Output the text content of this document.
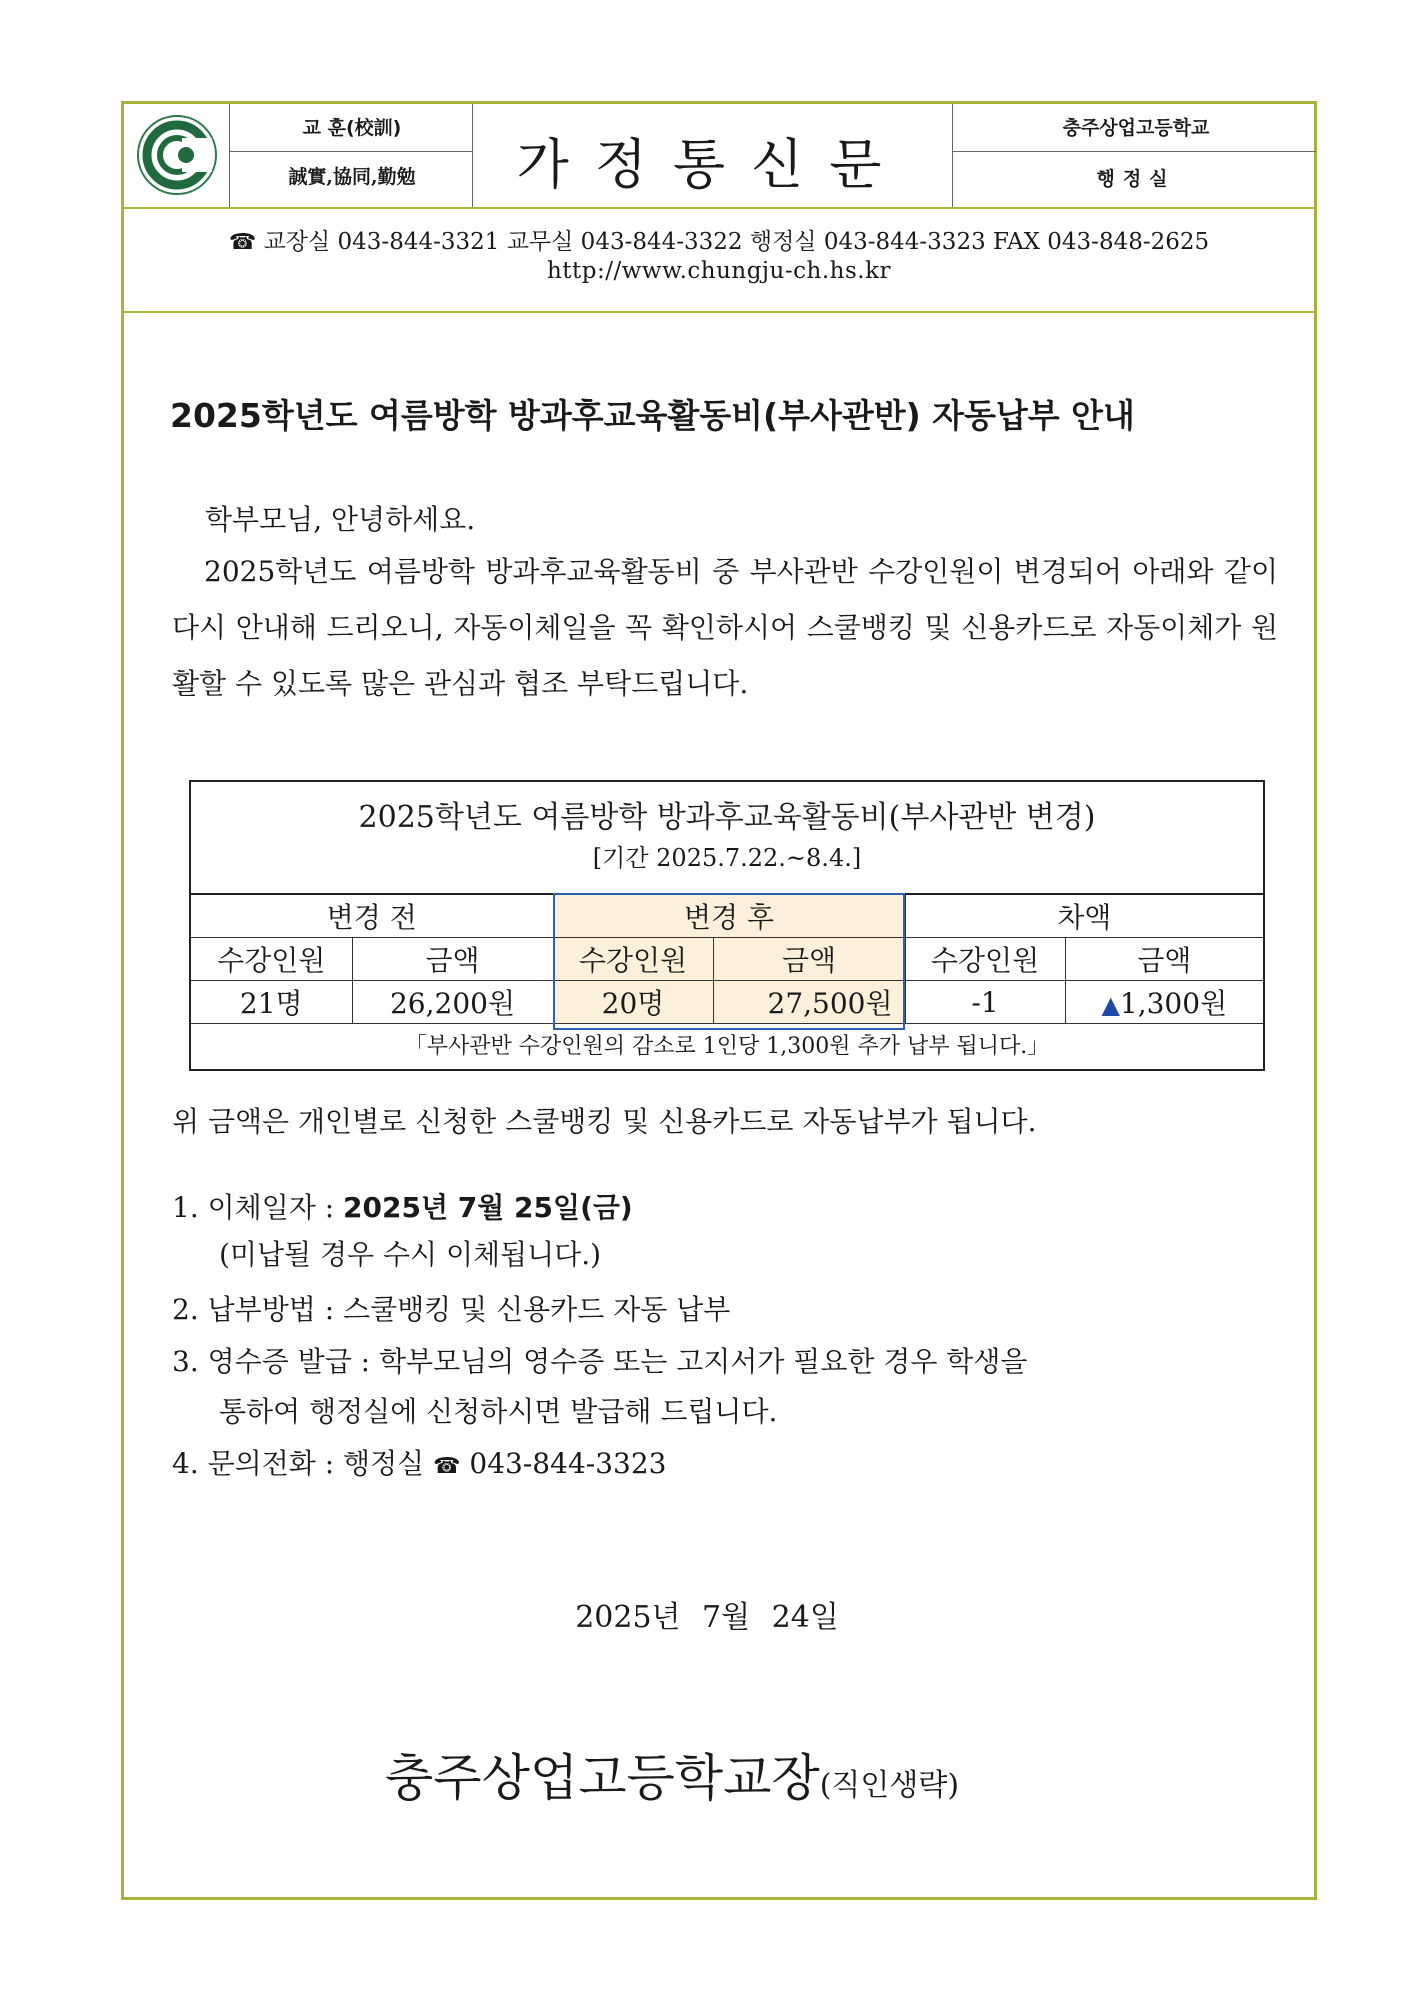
교 훈(校訓)
誠實,協同,勤勉	가정통신문
충주상업고등학교
행정실
☎ 교장실 043-844-3321 교무실 043-844-3322 행정실 043-844-3323 FAX 043-848-2625
http://www.chungju-ch.hs.kr
2025학년도 여름방학 방과후교육활동비(부사관반) 자동납부 안내
학부모님, 안녕하세요.
2025학년도 여름방학 방과후교육활동비 중 부사관반 수강인원이 변경되어 아래와 같이 다시 안내해 드리오니, 자동이체일을 꼭 확인하시어 스쿨뱅킹 및 신용카드로 자동이체가 원활할 수 있도록 많은 관심과 협조 부탁드립니다.
2025학년도 여름방학 방과후교육활동비(부사관반 변경)
[기간 2025.7.22.~8.4.]
변경 전		변경 후		차액	
수강인원	금액	수강인원	금액	수강인원	금액
21명	26,200원	20명	27,500원	-1	▲1,300원
「부사관반 수강인원의 감소로 1인당 1,300원 추가 납부 됩니다.」					
위 금액은 개인별로 신청한 스쿨뱅킹 및 신용카드로 자동납부가 됩니다.
1. 이체일자 : 2025년 7월 25일(금)
(미납될 경우 수시 이체됩니다.)
2. 납부방법 : 스쿨뱅킹 및 신용카드 자동 납부
3. 영수증 발급 : 학부모님의 영수증 또는 고지서가 필요한 경우 학생을
통하여 행정실에 신청하시면 발급해 드립니다.
4. 문의전화 : 행정실 ☎ 043-844-3323
2025년 7월 24일
충주상업고등학교장(직인생략)
